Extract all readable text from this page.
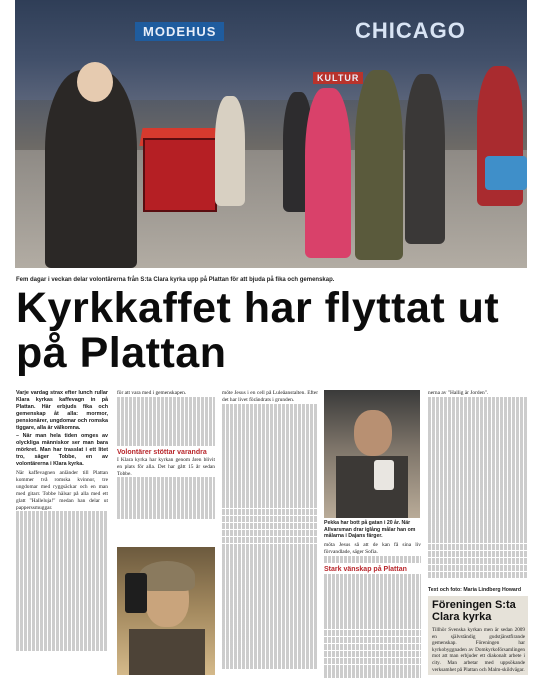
MODEHUS	CHICAGO
KULTUR
Fem dagar i veckan delar volontärerna från S:ta Clara kyrka upp på Plattan för att bjuda på fika och gemenskap.
Kyrkkaffet har flyttat ut på Plattan

Varje vardag strax efter lunch rullar Klara kyrkas kaffevagn in på Plattan. Här erbjuds fika och gemenskap åt alla: mormor, pensionärer, ungdomar och romska tiggare, alla är välkomna.

– När man hela tiden omges av olyckliga människor ser man bara mörkret. Man har trasslat i ett litet tro, säger Tobbe, en av volontärerna i Klara kyrka.

När kaffevagnen anländer till Plattan kommer två romska kvinnor, tre ungdomar med ryggsäckar och en man med gitarr. Tobbe hälsar på alla med ett glatt "Halleluja!" medan han delar ut papperssmuggar.

för att vara med i gemenskapen.

Volontärer stöttar varandra

I Klara kyrka har kyrkan genom åren blivit en plats för alla. Det har gått 15 år sedan Tobbe.

möte Jesus i en cell på Luleåanstalten. Efter det har livet förändrats i grunden.

Pekka har bott på gatan i 20 år. När Allvarsman drar iglång målar han om målarna i Dajans färger.

möta Jesus så att de kan få sina liv förvandlade, säger Sofia.

Stark vänskap på Plattan

nerna av "Hallig är Jorden".

Text och foto: Maria Lindberg Howard
Föreningen S:ta Clara kyrka
Tillhör Svenska kyrkan men är sedan 2009 en självständig gudstjänstfirande gemenskap. Föreningen har kyrkobyggnaden av Domkyrkoförsamlingen mot att man erbjuder ett diakonalt arbete i city. Man arbetar med uppsökande verksamhet på Plattan och Malm-skildvägar.
